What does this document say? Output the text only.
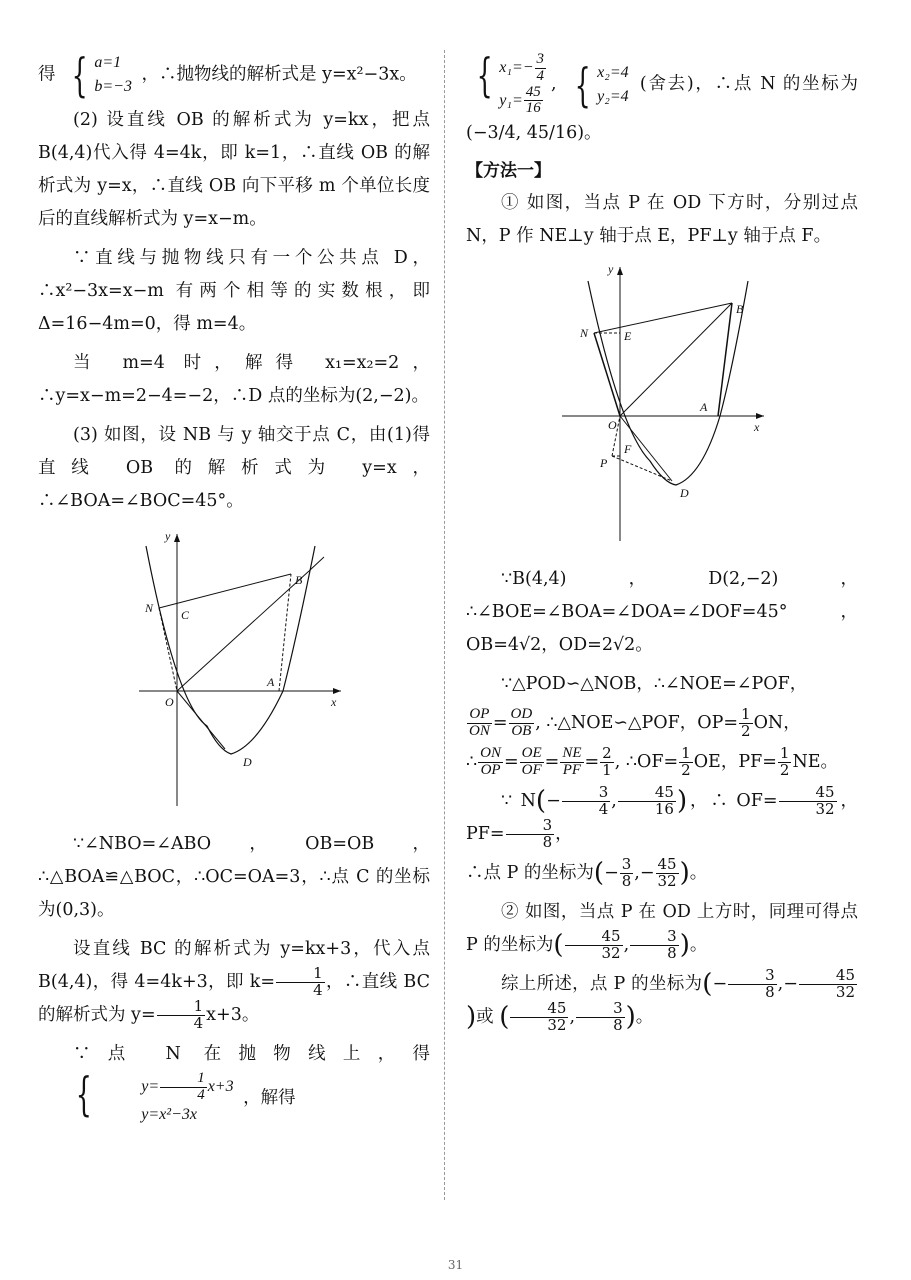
得 { a=1
b=−3
，∴抛物线的解析式是 y=x²−3x。

(2) 设直线 OB 的解析式为 y=kx，把点 B(4,4)代入得 4=4k，即 k=1，∴直线 OB 的解析式为 y=x，∴直线 OB 向下平移 m 个单位长度后的直线解析式为 y=x−m。

∵直线与抛物线只有一个公共点 D，∴x²−3x=x−m 有两个相等的实数根，即 Δ=16−4m=0，得 m=4。

当 m=4 时，解得 x₁=x₂=2，∴y=x−m=2−4=−2，∴D 点的坐标为(2,−2)。

(3) 如图，设 NB 与 y 轴交于点 C，由(1)得直线 OB 的解析式为 y=x，∴∠BOA=∠BOC=45°。

y
x
N C
B
O
A
D

∵∠NBO=∠ABO，OB=OB，∴△BOA≌△BOC，∴OC=OA=3，∴点 C 的坐标为(0,3)。

设直线 BC 的解析式为 y=kx+3，代入点 B(4,4)，得 4=4k+3，即 $k= \frac{1}{4}$ ，∴直线 BC 的解析式为 $y= \frac{1}{4} x+3$。
∵点 N 在抛物线上，得
{	$y= \frac{1}{4} x+3$
y=x²−3x
，解得
{ $x_1=- \frac{3}{4}$
$y_1= \frac{45}{16}$
, { x₂=4
y₂=4
(舍去)，∴点 N 的坐标为 (−3/4, 45/16)。
【方法一】

① 如图，当点 P 在 OD 下方时，分别过点 N，P 作 NE⊥y 轴于点 E，PF⊥y 轴于点 F。

y
x
N	E
B
O
A
F
P
D

∵B(4,4)，D(2,−2)，∴∠BOE=∠BOA=∠DOA=∠DOF=45°，OB=4√2，OD=2√2。

∵△POD∽△NOB，∴∠NOE=∠POF，
$\frac{OP}{ON} = \frac{OD}{OB}$ , ∴△NOE∽△POF，$OP= \frac{1}{2}$ ON，
∴ $\frac{ON}{OP} = \frac{OE}{OF} = \frac{NE}{PF} = \frac{2}{1}$ , ∴OF= $\frac{1}{2}$ OE，$PF= \frac{1}{2}$ NE。
∵ $N(- \frac{3}{4}$ , $\frac{45}{16}$ )，∴ $OF= \frac{45}{32}$ ，$PF= \frac{3}{8}$ ，
∴点 P 的坐标为(− $\frac{3}{8}$ ,− $\frac{45}{32}$ )。
② 如图，当点 P 在 OD 上方时，同理可得点 P 的坐标为( $\frac{45}{32}$ , $\frac{3}{8}$ )。
综上所述，点 P 的坐标为(− $\frac{3}{8}$ ,− $\frac{45}{32}$
)或 ( $\frac{45}{32}$ , $\frac{3}{8}$ )。
31
